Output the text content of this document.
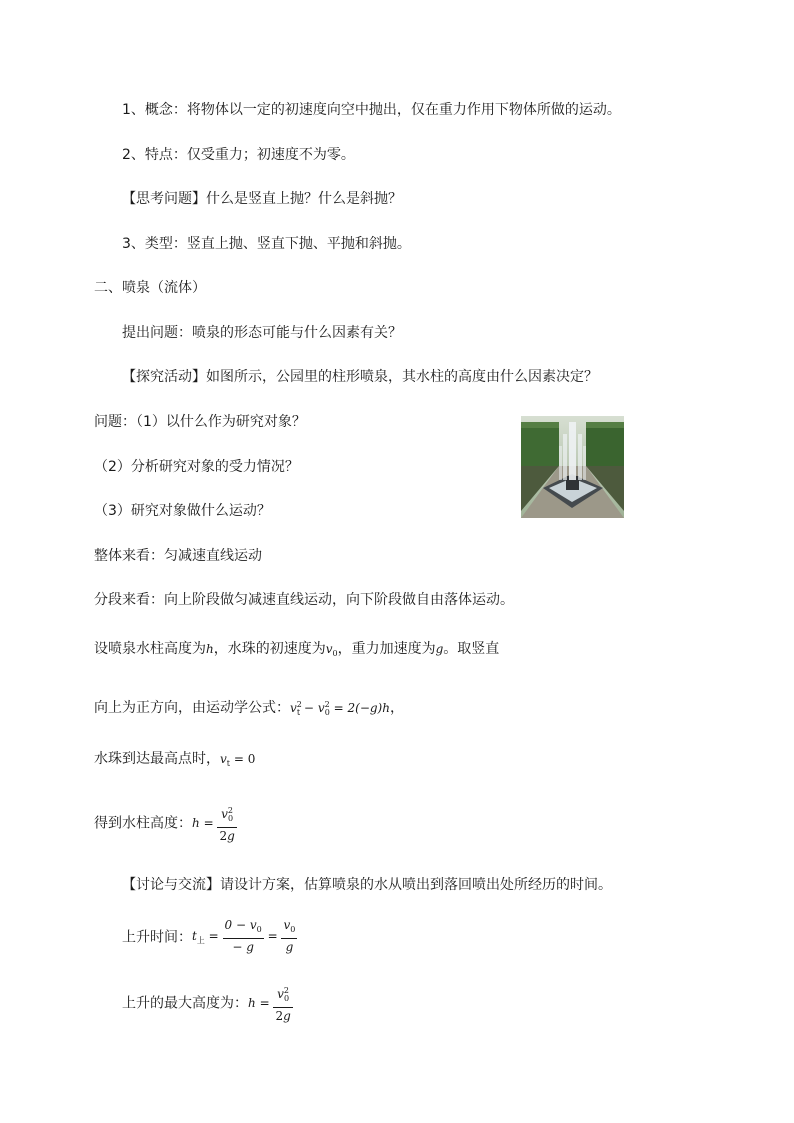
1、概念：将物体以一定的初速度向空中抛出，仅在重力作用下物体所做的运动。
2、特点：仅受重力；初速度不为零。
【思考问题】什么是竖直上抛？什么是斜抛？
3、类型：竖直上抛、竖直下抛、平抛和斜抛。
二、喷泉（流体）
提出问题：喷泉的形态可能与什么因素有关？
【探究活动】如图所示，公园里的柱形喷泉，其水柱的高度由什么因素决定？
问题：（1）以什么作为研究对象？
（2）分析研究对象的受力情况？
（3）研究对象做什么运动？
整体来看：匀减速直线运动
分段来看：向上阶段做匀减速直线运动，向下阶段做自由落体运动。
设喷泉水柱高度为h，水珠的初速度为$v_0$，重力加速度为g。取竖直
向上为正方向，由运动学公式：$v^2_t - v^2_0 = 2(-g)h$，
水珠到达最高点时，$v_t = 0$
得到水柱高度：$h = \frac{v^2_0}{2g}$
【讨论与交流】请设计方案，估算喷泉的水从喷出到落回喷出处所经历的时间。
上升时间：$t_上 = \frac{0 - v_0}{- g} = \frac{v_0}{g}$
上升的最大高度为：$h = \frac{v^2_0}{2g}$
